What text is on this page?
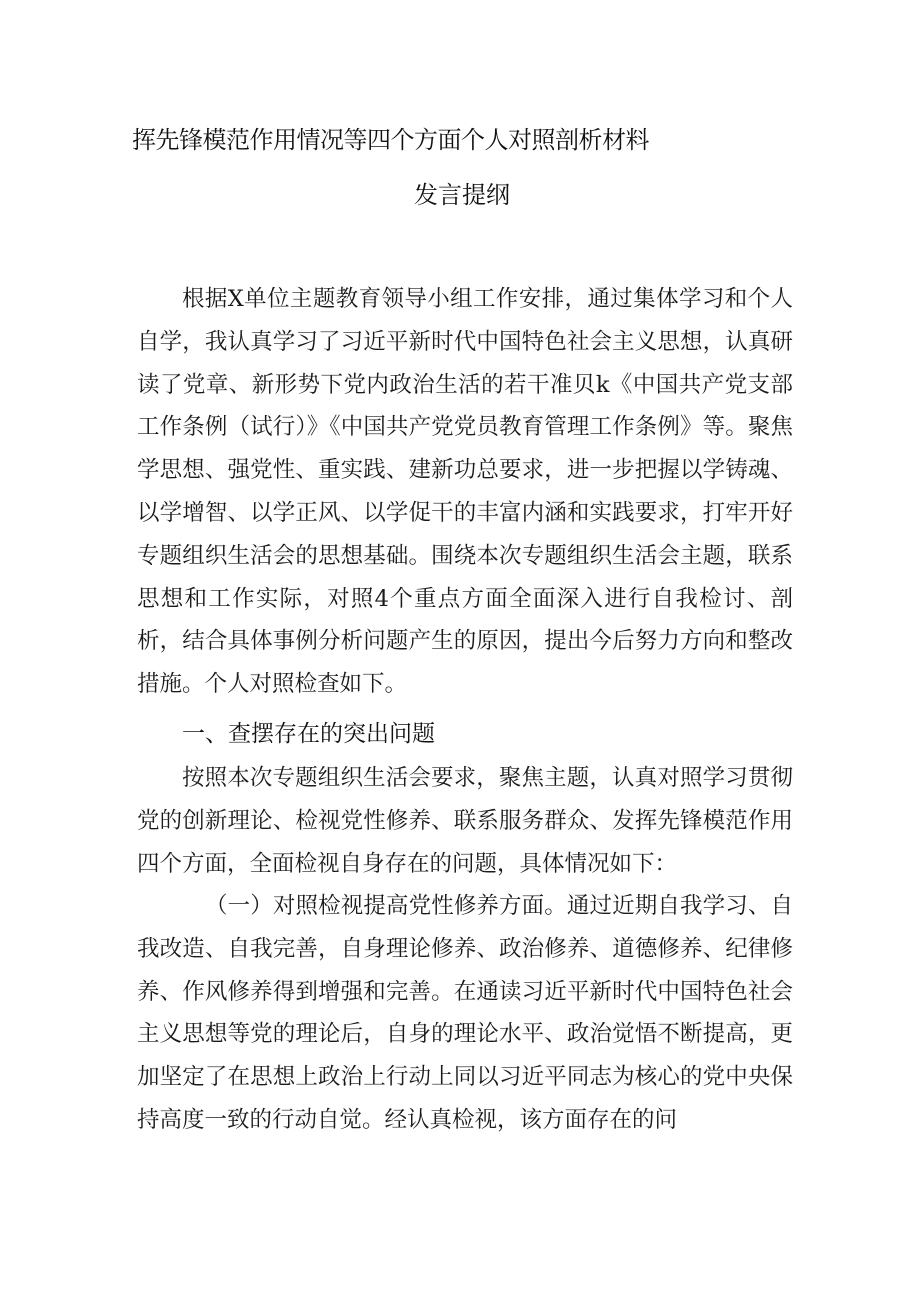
挥先锋模范作用情况等四个方面个人对照剖析材料
发言提纲
根据X单位主题教育领导小组工作安排，通过集体学习和个人自学，我认真学习了习近平新时代中国特色社会主义思想，认真研读了党章、新形势下党内政治生活的若干准贝k《中国共产党支部工作条例（试行）》《中国共产党党员教育管理工作条例》等。聚焦学思想、强党性、重实践、建新功总要求，进一步把握以学铸魂、以学增智、以学正风、以学促干的丰富内涵和实践要求，打牢开好专题组织生活会的思想基础。围绕本次专题组织生活会主题，联系思想和工作实际，对照4个重点方面全面深入进行自我检讨、剖析，结合具体事例分析问题产生的原因，提出今后努力方向和整改措施。个人对照检查如下。
一、查摆存在的突出问题
按照本次专题组织生活会要求，聚焦主题，认真对照学习贯彻党的创新理论、检视党性修养、联系服务群众、发挥先锋模范作用四个方面，全面检视自身存在的问题，具体情况如下：
（一）对照检视提高党性修养方面。通过近期自我学习、自我改造、自我完善，自身理论修养、政治修养、道德修养、纪律修养、作风修养得到增强和完善。在通读习近平新时代中国特色社会主义思想等党的理论后，自身的理论水平、政治觉悟不断提高，更加坚定了在思想上政治上行动上同以习近平同志为核心的党中央保持高度一致的行动自觉。经认真检视，该方面存在的问
